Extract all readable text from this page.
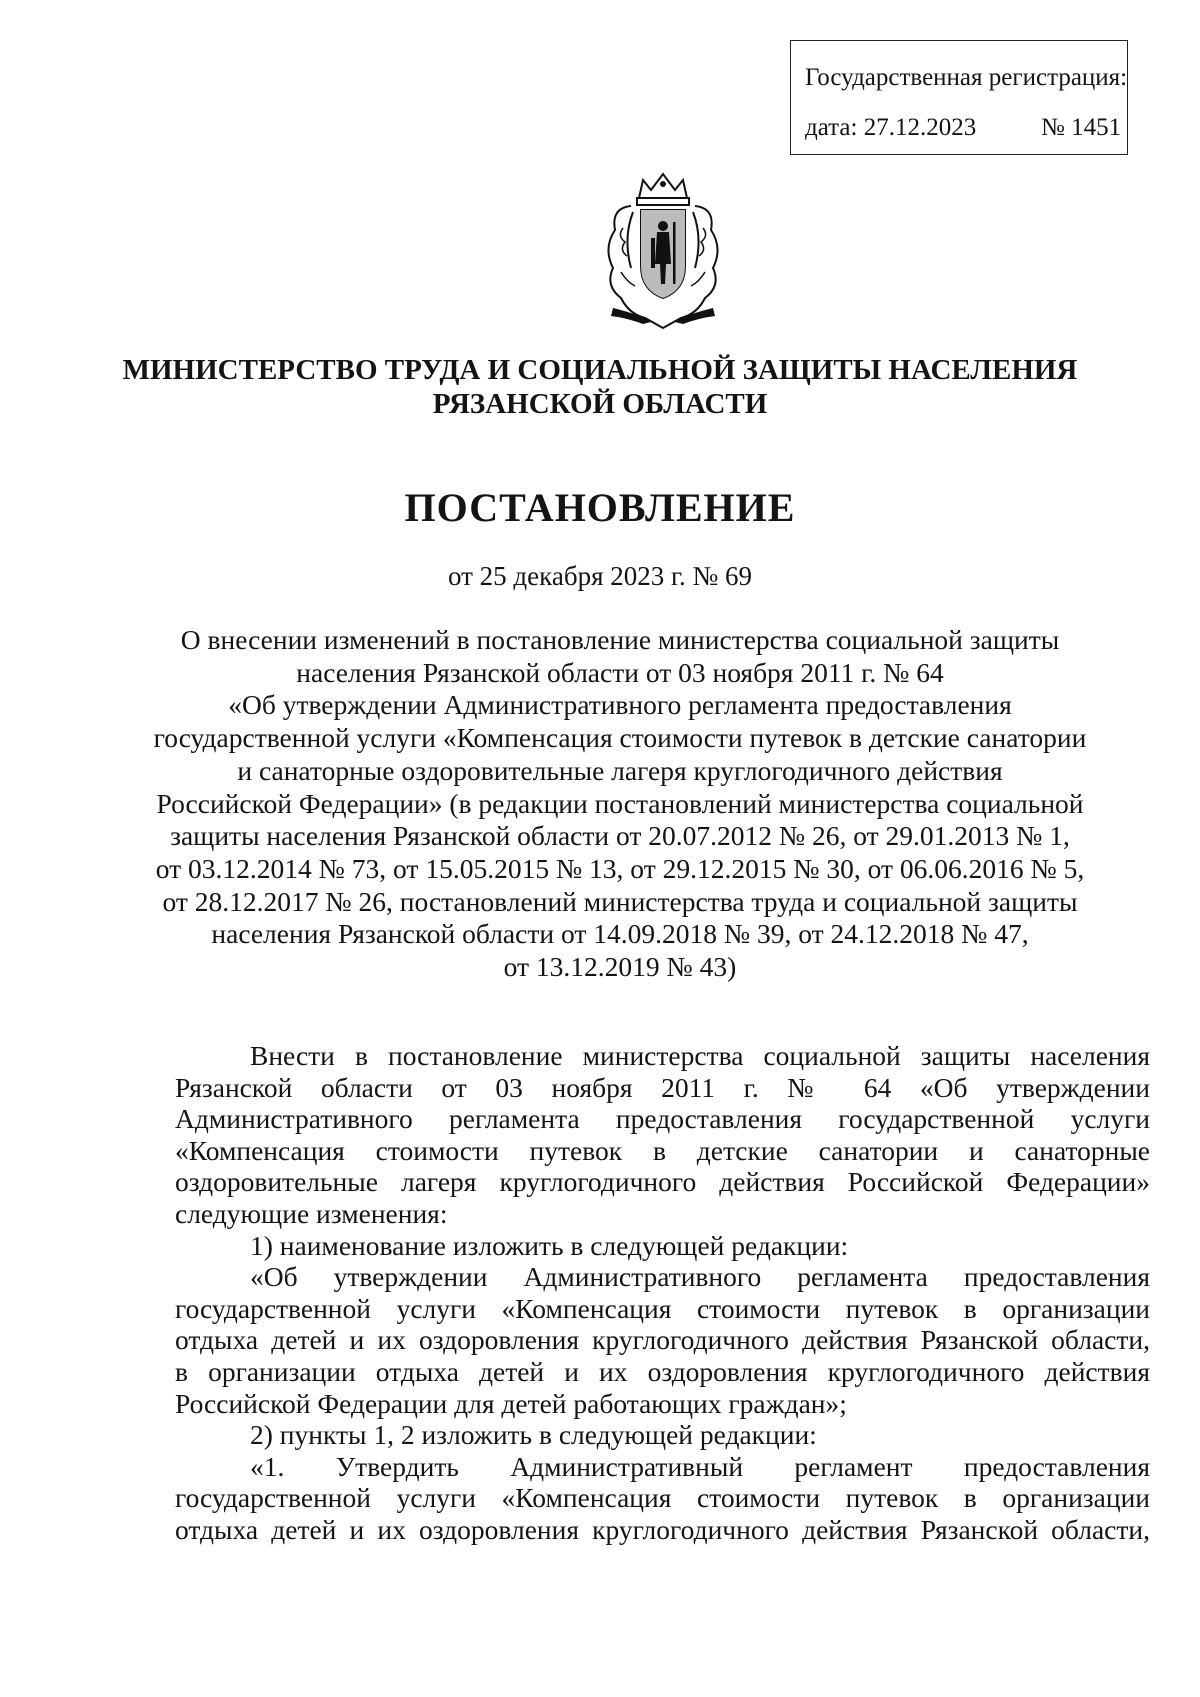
Государственная регистрация:
дата: 27.12.2023	№ 1451
МИНИСТЕРСТВО ТРУДА И СОЦИАЛЬНОЙ ЗАЩИТЫ НАСЕЛЕНИЯ
РЯЗАНСКОЙ ОБЛАСТИ
ПОСТАНОВЛЕНИЕ
от 25 декабря 2023 г. № 69
О внесении изменений в постановление министерства социальной защиты
населения Рязанской области от 03 ноября 2011 г. № 64
«Об утверждении Административного регламента предоставления
государственной услуги «Компенсация стоимости путевок в детские санатории
и санаторные оздоровительные лагеря круглогодичного действия
Российской Федерации» (в редакции постановлений министерства социальной
защиты населения Рязанской области от 20.07.2012 № 26, от 29.01.2013 № 1,
от 03.12.2014 № 73, от 15.05.2015 № 13, от 29.12.2015 № 30, от 06.06.2016 № 5,
от 28.12.2017 № 26, постановлений министерства труда и социальной защиты
населения Рязанской области от 14.09.2018 № 39, от 24.12.2018 № 47,
от 13.12.2019 № 43)
Внести в постановление министерства социальной защиты населения
Рязанской области от 03 ноября 2011 г. № 64 «Об утверждении
Административного регламента предоставления государственной услуги
«Компенсация стоимости путевок в детские санатории и санаторные
оздоровительные лагеря круглогодичного действия Российской Федерации»
следующие изменения:
1) наименование изложить в следующей редакции:
«Об утверждении Административного регламента предоставления
государственной услуги «Компенсация стоимости путевок в организации
отдыха детей и их оздоровления круглогодичного действия Рязанской области,
в организации отдыха детей и их оздоровления круглогодичного действия
Российской Федерации для детей работающих граждан»;
2) пункты 1, 2 изложить в следующей редакции:
«1. Утвердить Административный регламент предоставления
государственной услуги «Компенсация стоимости путевок в организации
отдыха детей и их оздоровления круглогодичного действия Рязанской области,
